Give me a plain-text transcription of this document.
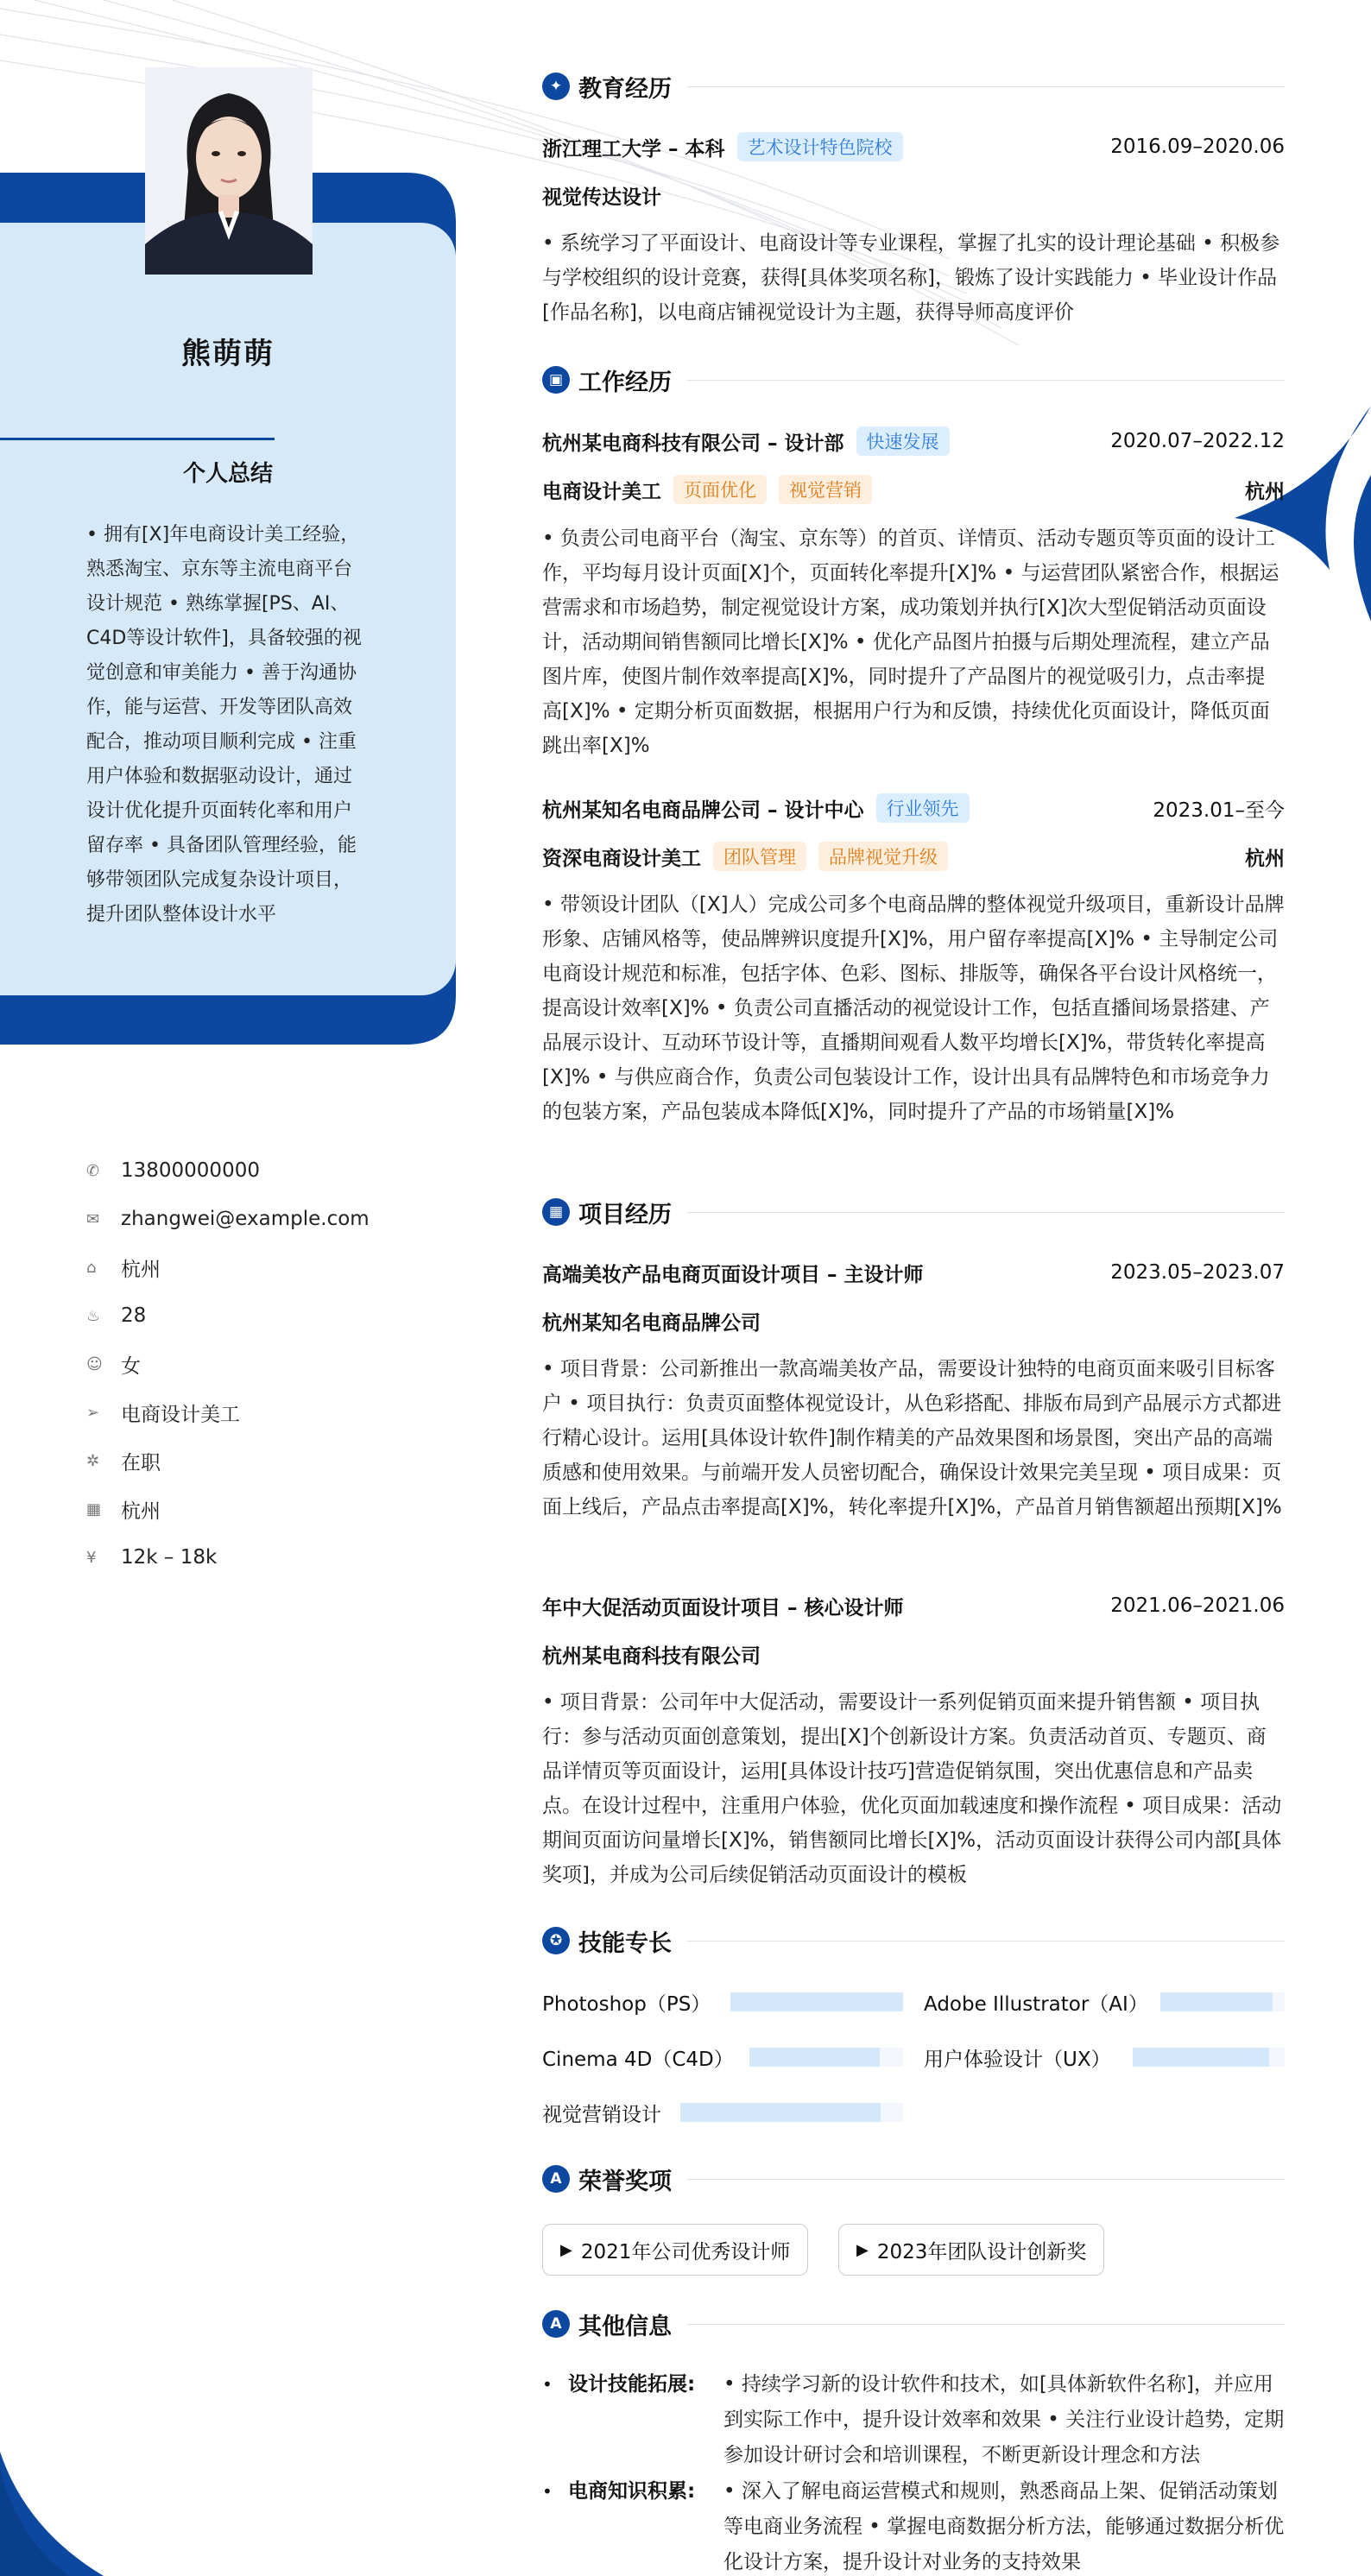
熊萌萌
个人总结
• 拥有[X]年电商设计美工经验，熟悉淘宝、京东等主流电商平台设计规范 • 熟练掌握[PS、AI、C4D等设计软件]，具备较强的视觉创意和审美能力 • 善于沟通协作，能与运营、开发等团队高效配合，推动项目顺利完成 • 注重用户体验和数据驱动设计，通过设计优化提升页面转化率和用户留存率 • 具备团队管理经验，能够带领团队完成复杂设计项目，提升团队整体设计水平
✆	13800000000
✉	zhangwei@example.com
⌂	杭州
♨	28
☺ 女
➢	电商设计美工
✲	在职
▦ 杭州
¥	12k – 18k
✦ 教育经历
浙江理工大学 – 本科	艺术设计特色院校	2016.09–2020.06
视觉传达设计
• 系统学习了平面设计、电商设计等专业课程，掌握了扎实的设计理论基础 • 积极参与学校组织的设计竞赛，获得[具体奖项名称]，锻炼了设计实践能力 • 毕业设计作品[作品名称]，以电商店铺视觉设计为主题，获得导师高度评价
▣ 工作经历
杭州某电商科技有限公司 – 设计部	快速发展	2020.07–2022.12
电商设计美工	页面优化	视觉营销	杭州
• 负责公司电商平台（淘宝、京东等）的首页、详情页、活动专题页等页面的设计工作，平均每月设计页面[X]个，页面转化率提升[X]% • 与运营团队紧密合作，根据运营需求和市场趋势，制定视觉设计方案，成功策划并执行[X]次大型促销活动页面设计，活动期间销售额同比增长[X]% • 优化产品图片拍摄与后期处理流程，建立产品图片库，使图片制作效率提高[X]%，同时提升了产品图片的视觉吸引力，点击率提高[X]% • 定期分析页面数据，根据用户行为和反馈，持续优化页面设计，降低页面跳出率[X]%
杭州某知名电商品牌公司 – 设计中心	行业领先	2023.01–至今
资深电商设计美工	团队管理	品牌视觉升级	杭州
• 带领设计团队（[X]人）完成公司多个电商品牌的整体视觉升级项目，重新设计品牌形象、店铺风格等，使品牌辨识度提升[X]%，用户留存率提高[X]% • 主导制定公司电商设计规范和标准，包括字体、色彩、图标、排版等，确保各平台设计风格统一，提高设计效率[X]% • 负责公司直播活动的视觉设计工作，包括直播间场景搭建、产品展示设计、互动环节设计等，直播期间观看人数平均增长[X]%，带货转化率提高[X]% • 与供应商合作，负责公司包装设计工作，设计出具有品牌特色和市场竞争力的包装方案，产品包装成本降低[X]%，同时提升了产品的市场销量[X]%
▦ 项目经历
高端美妆产品电商页面设计项目 – 主设计师	2023.05–2023.07
杭州某知名电商品牌公司
• 项目背景：公司新推出一款高端美妆产品，需要设计独特的电商页面来吸引目标客户 • 项目执行：负责页面整体视觉设计，从色彩搭配、排版布局到产品展示方式都进行精心设计。运用[具体设计软件]制作精美的产品效果图和场景图，突出产品的高端质感和使用效果。与前端开发人员密切配合，确保设计效果完美呈现 • 项目成果：页面上线后，产品点击率提高[X]%，转化率提升[X]%，产品首月销售额超出预期[X]%
年中大促活动页面设计项目 – 核心设计师	2021.06–2021.06
杭州某电商科技有限公司
• 项目背景：公司年中大促活动，需要设计一系列促销页面来提升销售额 • 项目执行：参与活动页面创意策划，提出[X]个创新设计方案。负责活动首页、专题页、商品详情页等页面设计，运用[具体设计技巧]营造促销氛围，突出优惠信息和产品卖点。在设计过程中，注重用户体验，优化页面加载速度和操作流程 • 项目成果：活动期间页面访问量增长[X]%，销售额同比增长[X]%，活动页面设计获得公司内部[具体奖项]，并成为公司后续促销活动页面设计的模板
✪ 技能专长
Photoshop（PS）	Adobe Illustrator（AI）
Cinema 4D（C4D）	用户体验设计（UX）
视觉营销设计
A 荣誉奖项
▶ 2021年公司优秀设计师	▶ 2023年团队设计创新奖
A 其他信息
• 设计技能拓展:	• 持续学习新的设计软件和技术，如[具体新软件名称]，并应用到实际工作中，提升设计效率和效果 • 关注行业设计趋势，定期参加设计研讨会和培训课程，不断更新设计理念和方法
• 电商知识积累:	• 深入了解电商运营模式和规则，熟悉商品上架、促销活动策划等电商业务流程 • 掌握电商数据分析方法，能够通过数据分析优化设计方案，提升设计对业务的支持效果
